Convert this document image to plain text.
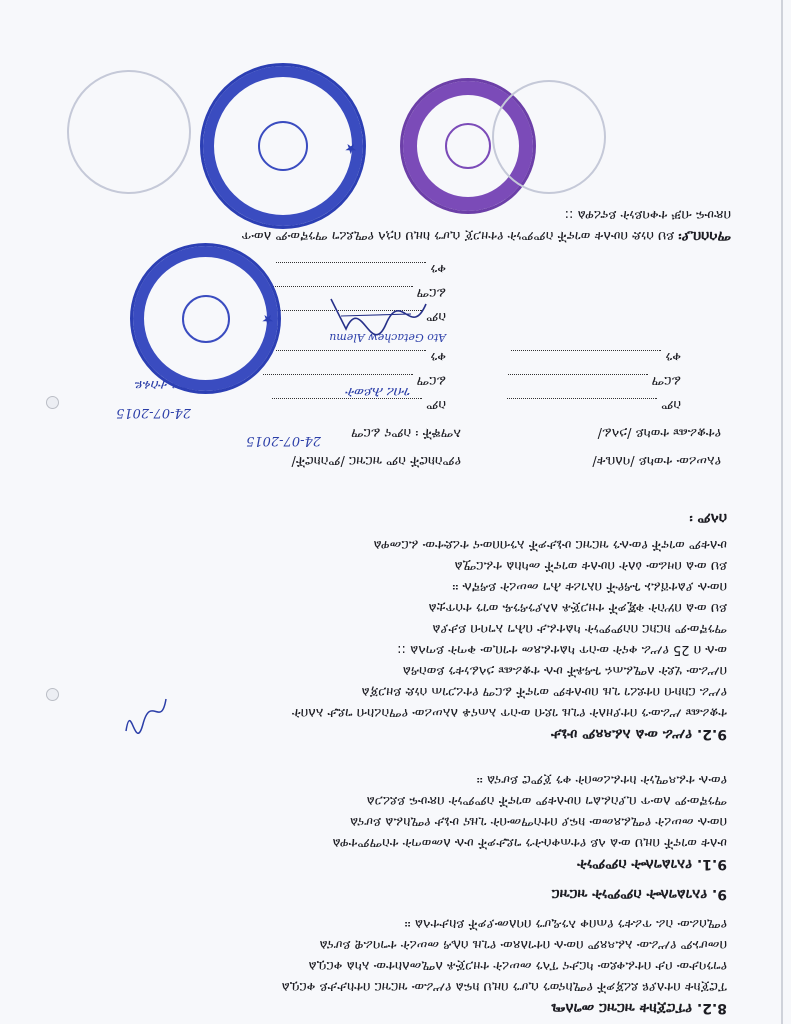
8.2. የፕሮጀክቱ ዝርዝር መግለጫ
ፕሮጀክቱ በተለያዩ ደረጃዎች የሚከናወን ሲሆን በዚህ ክፍል የሥራው ዝርዝር በተከታታይ ቀርቧል
የግንባታው ቦታ በተፈቀደው ካርታና ፕላን መሠረት ተዘጋጅቶ ለሚመለከተው አካል ቀርቧል
በመሆኑም የሥራው አፈጻጸም በውሉ በተገለጸው የጊዜ ሰሌዳ መሠረት ተግባራዊ ይሆናል
የሚሰራው ስራ ጥራቱን የጠበቀ እንዲሆን በባለሙያዎች ይከታተላል ።
9. የአገልግሎት ስምምነት ዝርዝር
9.1. የአገልግሎት ስምምነት
ሁለቱ ወገኖች በዚህ ውል ላይ የተጠቀሱትን ግዴታዎች ሁሉ ለመወጣት ተስማምተዋል
በውሉ መሠረት የሚፈጸመው ክፍያ በተስማሙበት ጊዜና ሁኔታ የሚከፈል ይሆናል
ማንኛውም ለውጥ ቢያስፈልግ በሁለቱም ወገኖች ስምምነት በጽሁፍ ይደረጋል
የውሉ ተፈጻሚነት ከተፈረመበት ቀን ጀምሮ ይሆናል ።
9.2. የሥራ ውል አፈጻጸም ሁኔታ
ተቋራጩ ሥራውን በተያዘለት የጊዜ ገደብ ውስጥ አጠናቆ ለአሠሪው የማስረከብ ግዴታ አለበት
የሥራ ርክክብ በተደረገ ጊዜ በሁለቱም ወገኖች ፊርማ የተረጋገጠ ሰነድ ይዘጋጃል
በሥራው ሂደት ለሚፈጠሩ ጉዳቶች ሁሉ ተቋራጩ ኃላፊነቱን ይወስዳል
ውሉ በ 25 የሥራ ቀናት ውስጥ ካልተፈጸመ ተገቢው ቅጣት ይጣላል ::
ማንኛውም ክርክር በስምምነት ካልተፈታ በሕግ አግባብ ይታያል
ይህ ውል በሦስት ቅጂዎች ተዘጋጅቶ ለእያንዳንዱ ወገን ተሰጥቷል
በውሉ ያልተሸፈኑ ጉዳዮች በአገሪቱ ሕግ መሠረት ይዳኛሉ ።
ይህ ውል በዛሬው ዕለት በሁለቱ ወገኖች መካከል ተፈርሟል
ሁለቱም ወገኖች የውሉን ዝርዝር ሁኔታዎች አንብበውና ተረድተው ፈርመዋል
ሰላም ፡
የአሠሪው ተወካይ /ባለቤቱ/
የተቋራጩ ተወካይ /ኃላፊ/
ስም
ፊርማ
ቀን
የምስክሮች ስም ዝርዝር /ምስክሮች/
እማኞች ፡ ስምና ፊርማ
ስም
ፊርማ
ቀን
ስም
ፊርማ
ቀን
24-07-2015
24-07-2015
ሰለሞን ተስፋዬ	ገብረ ሕይወት
Ato Getachew Alemu
ማሳሰቢያ፡ ይህ ሰነድ በሁለቱ ወገኖች ስምምነት የተዘጋጀ ሲሆን ከዚህ በኋላ የሚደረግ ማንኛውም ለውጥ
በጽሁፍ ብቻ ተቀባይነት ይኖረዋል ::
★
★
